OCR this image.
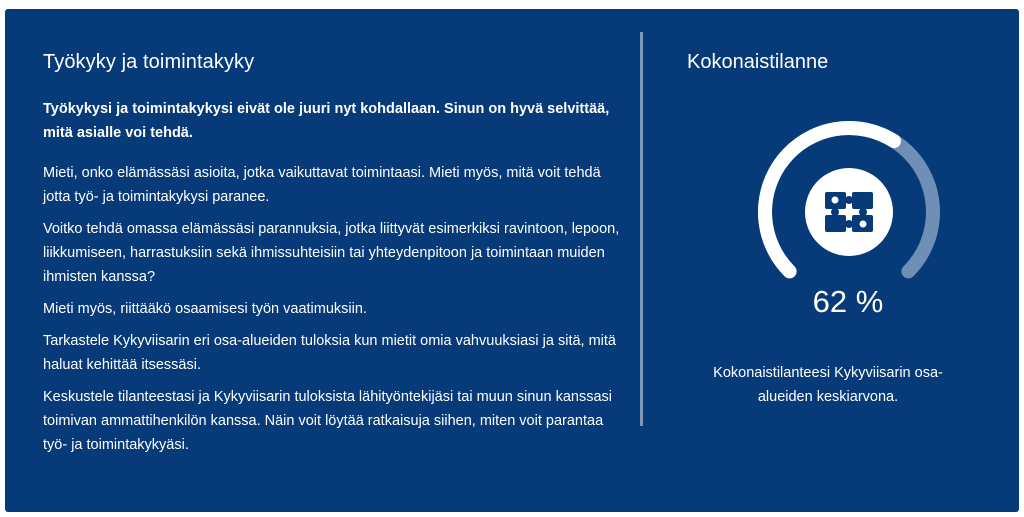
Työkyky ja toimintakyky

Työkykysi ja toimintakykysi eivät ole juuri nyt kohdallaan. Sinun on hyvä selvittää, mitä asialle voi tehdä.

Mieti, onko elämässäsi asioita, jotka vaikuttavat toimintaasi. Mieti myös, mitä voit tehdä jotta työ- ja toimintakykysi paranee.

Voitko tehdä omassa elämässäsi parannuksia, jotka liittyvät esimerkiksi ravintoon, lepoon, liikkumiseen, harrastuksiin sekä ihmissuhteisiin tai yhteydenpitoon ja toimintaan muiden ihmisten kanssa?

Mieti myös, riittääkö osaamisesi työn vaatimuksiin.

Tarkastele Kykyviisarin eri osa-alueiden tuloksia kun mietit omia vahvuuksiasi ja sitä, mitä haluat kehittää itsessäsi.

Keskustele tilanteestasi ja Kykyviisarin tuloksista lähityöntekijäsi tai muun sinun kanssasi toimivan ammattihenkilön kanssa. Näin voit löytää ratkaisuja siihen, miten voit parantaa työ- ja toimintakykyäsi.

Kokonaistilanne
62 %
Kokonaistilanteesi Kykyviisarin osa-alueiden keskiarvona.
